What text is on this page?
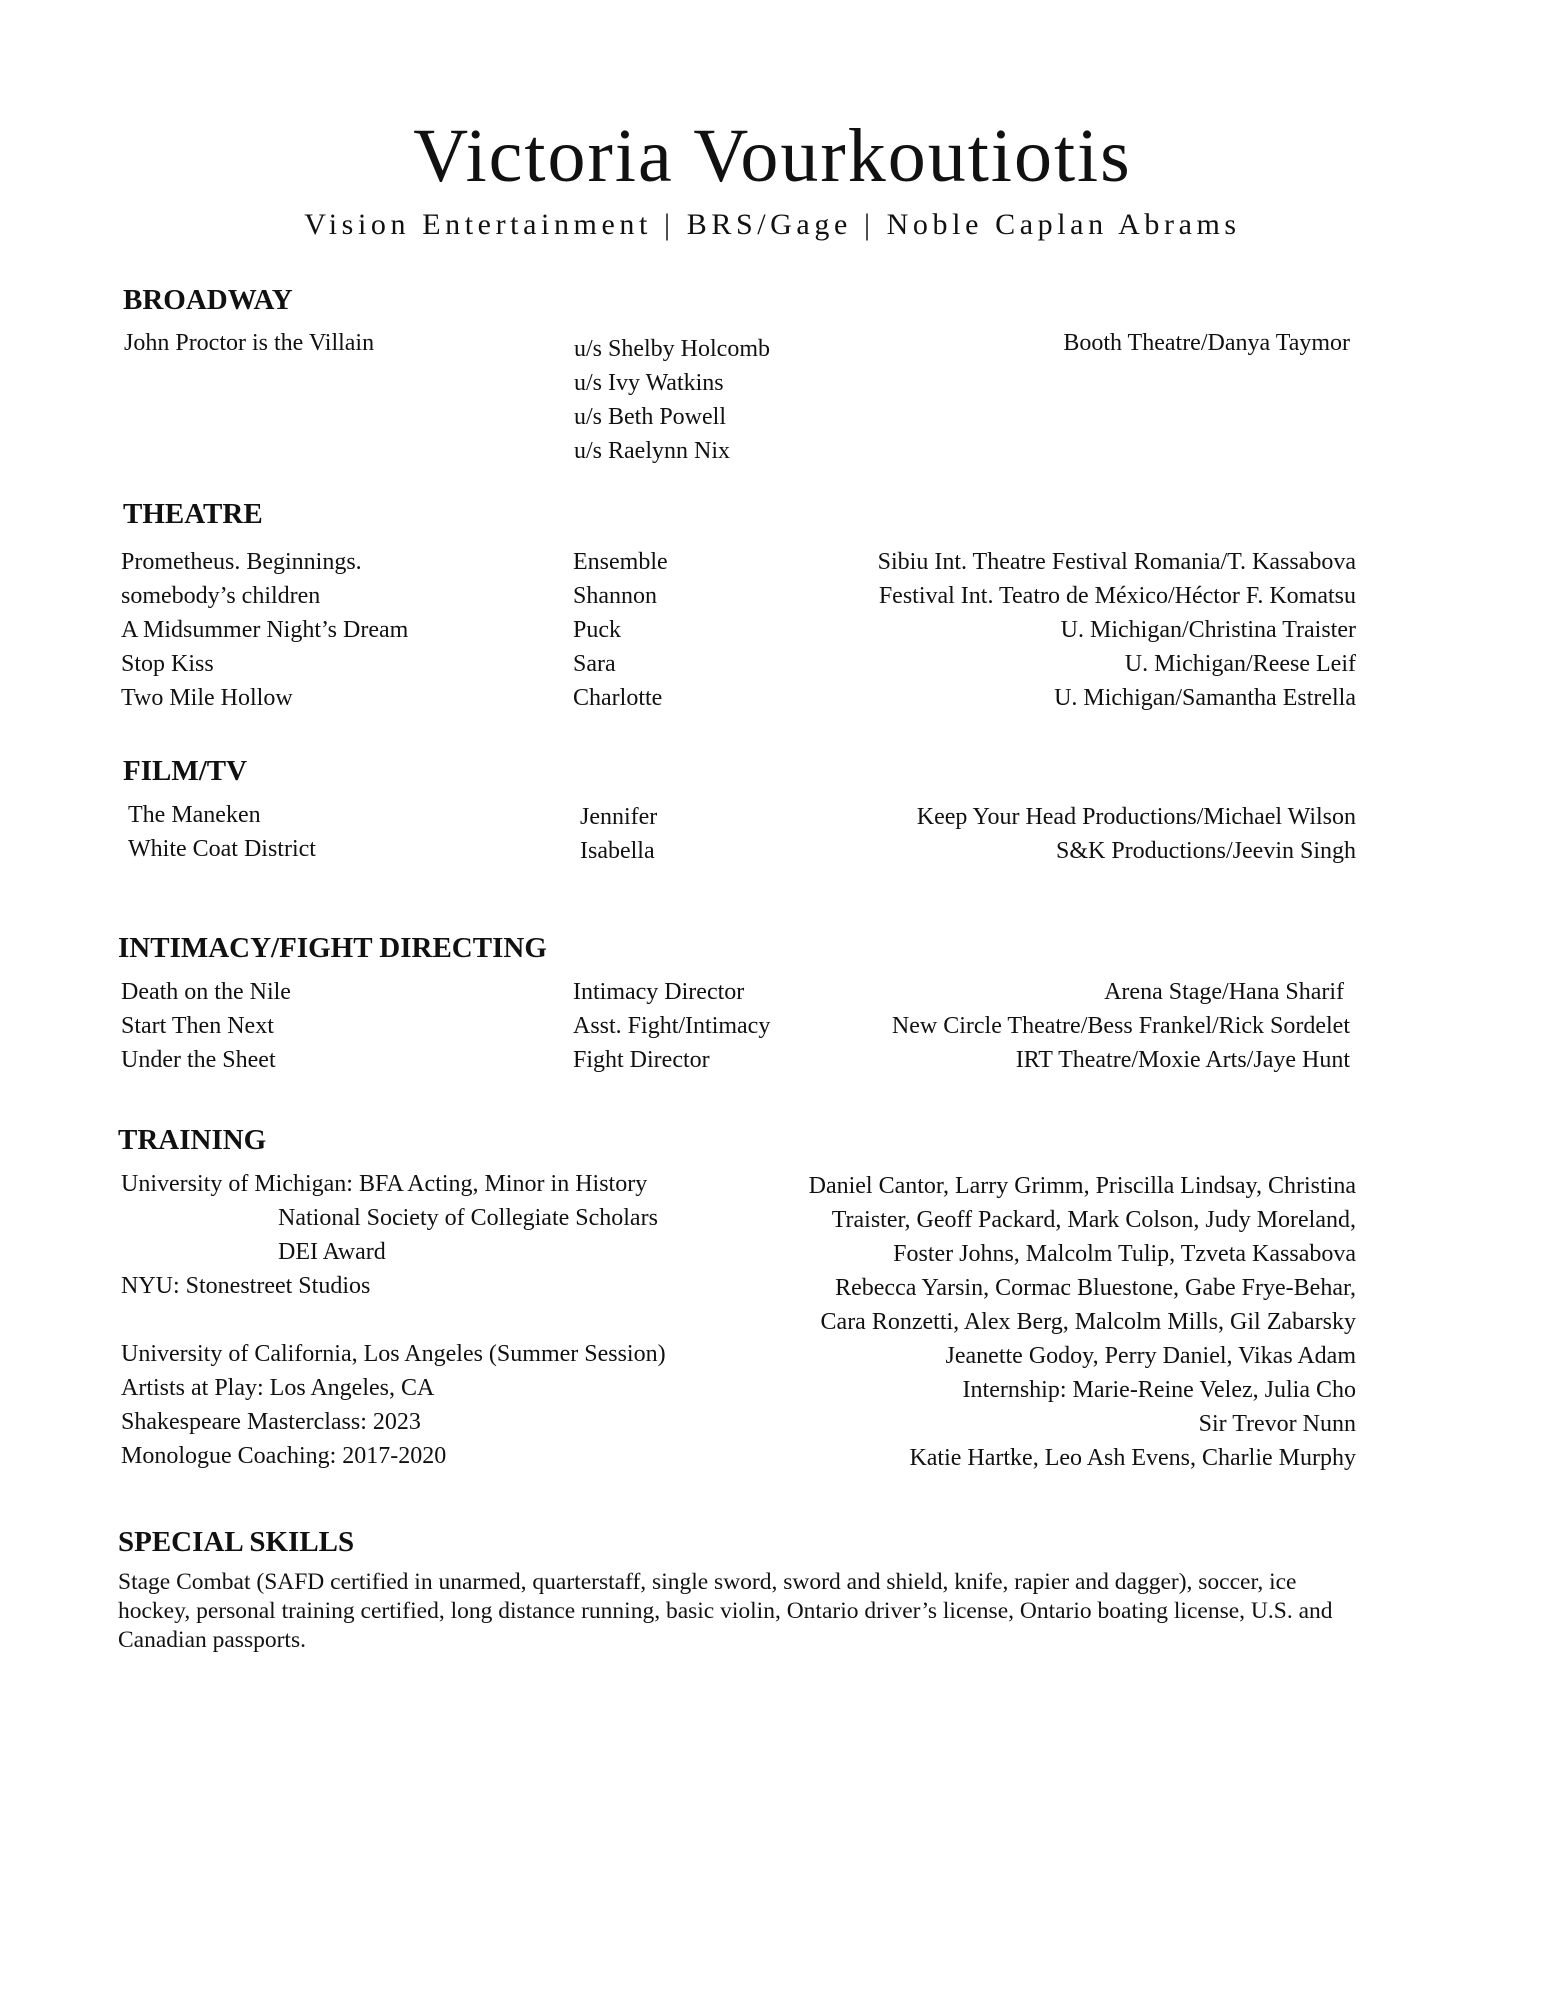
Victoria Vourkoutiotis
Vision Entertainment | BRS/Gage | Noble Caplan Abrams
BROADWAY
John Proctor is the Villain	u/s Shelby Holcomb
u/s Ivy Watkins
u/s Beth Powell
u/s Raelynn Nix
Booth Theatre/Danya Taymor
THEATRE
Prometheus. Beginnings.
somebody’s children
A Midsummer Night’s Dream
Stop Kiss
Two Mile Hollow
Ensemble
Shannon
Puck
Sara
Charlotte
Sibiu Int. Theatre Festival Romania/T. Kassabova
Festival Int. Teatro de México/Héctor F. Komatsu
U. Michigan/Christina Traister
U. Michigan/Reese Leif
U. Michigan/Samantha Estrella
FILM/TV
The Maneken
White Coat District
Jennifer
Isabella
Keep Your Head Productions/Michael Wilson
S&K Productions/Jeevin Singh
INTIMACY/FIGHT DIRECTING
Death on the Nile
Start Then Next
Under the Sheet
Intimacy Director
Asst. Fight/Intimacy
Fight Director
Arena Stage/Hana Sharif
New Circle Theatre/Bess Frankel/Rick Sordelet
IRT Theatre/Moxie Arts/Jaye Hunt
TRAINING
University of Michigan: BFA Acting, Minor in History
National Society of Collegiate Scholars
DEI Award
NYU: Stonestreet Studios
University of California, Los Angeles (Summer Session)
Artists at Play: Los Angeles, CA
Shakespeare Masterclass: 2023
Monologue Coaching: 2017-2020
Daniel Cantor, Larry Grimm, Priscilla Lindsay, Christina
Traister, Geoff Packard, Mark Colson, Judy Moreland,
Foster Johns, Malcolm Tulip, Tzveta Kassabova
Rebecca Yarsin, Cormac Bluestone, Gabe Frye-Behar,
Cara Ronzetti, Alex Berg, Malcolm Mills, Gil Zabarsky
Jeanette Godoy, Perry Daniel, Vikas Adam
Internship: Marie-Reine Velez, Julia Cho
Sir Trevor Nunn
Katie Hartke, Leo Ash Evens, Charlie Murphy
SPECIAL SKILLS
Stage Combat (SAFD certified in unarmed, quarterstaff, single sword, sword and shield, knife, rapier and dagger), soccer, ice hockey, personal training certified, long distance running, basic violin, Ontario driver’s license, Ontario boating license, U.S. and Canadian passports.
